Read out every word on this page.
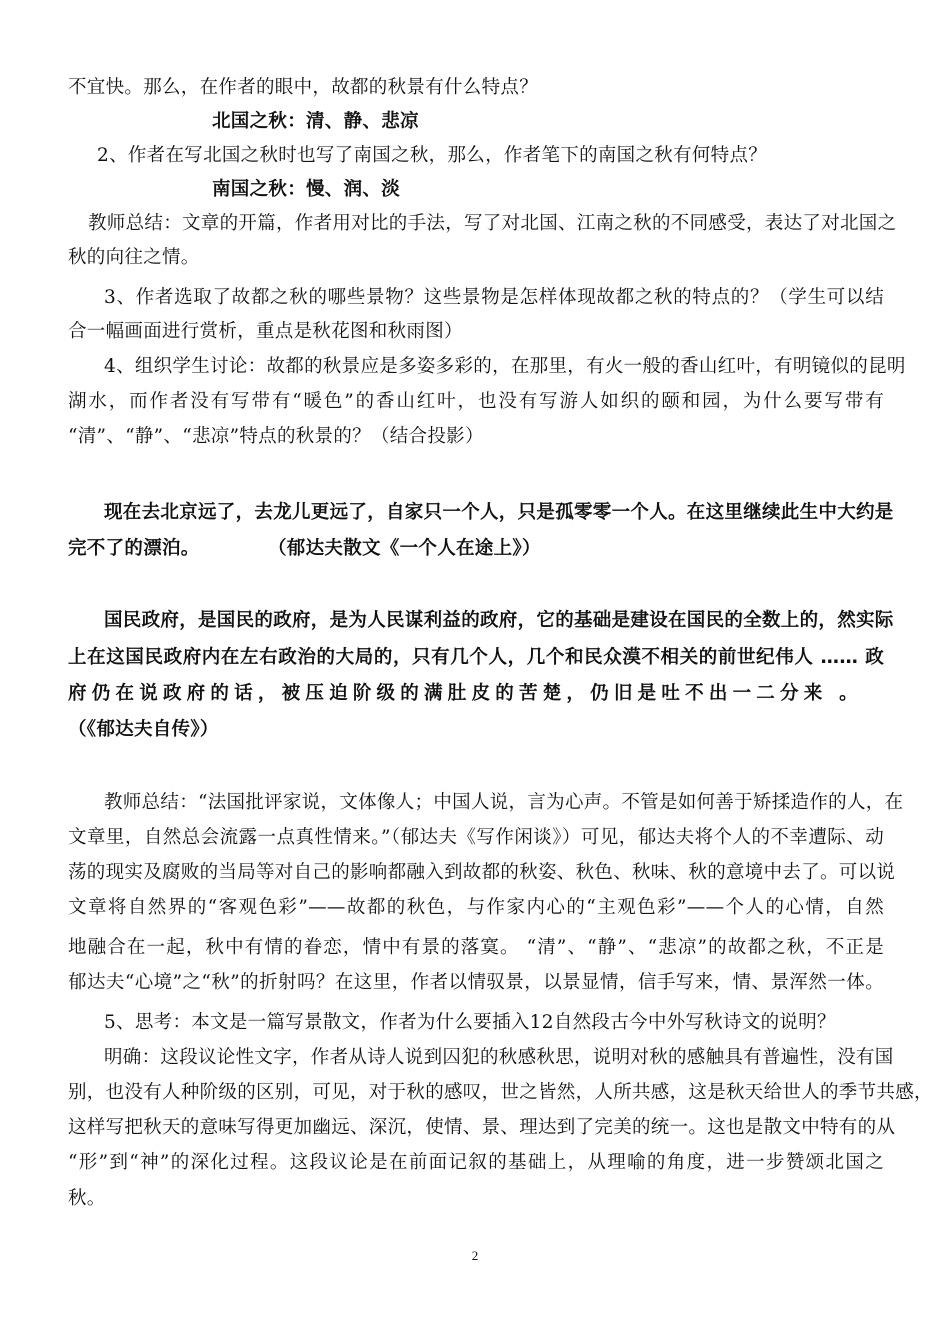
不宜快。那么，在作者的眼中，故都的秋景有什么特点？
北国之秋：清、静、悲凉
2、作者在写北国之秋时也写了南国之秋，那么，作者笔下的南国之秋有何特点？
南国之秋：慢、润、淡
教师总结：文章的开篇，作者用对比的手法，写了对北国、江南之秋的不同感受，表达了对北国之
秋的向往之情。
3、作者选取了故都之秋的哪些景物？这些景物是怎样体现故都之秋的特点的？（学生可以结
合一幅画面进行赏析，重点是秋花图和秋雨图）
4、组织学生讨论：故都的秋景应是多姿多彩的，在那里，有火一般的香山红叶，有明镜似的昆明
湖水，而作者没有写带有“暖色”的香山红叶，也没有写游人如织的颐和园，为什么要写带有
“清”、“静”、“悲凉”特点的秋景的？（结合投影）
现在去北京远了，去龙儿更远了，自家只一个人，只是孤零零一个人。在这里继续此生中大约是
完不了的漂泊。	（郁达夫散文《一个人在途上》）
国民政府，是国民的政府，是为人民谋利益的政府，它的基础是建设在国民的全数上的，然实际
上在这国民政府内在左右政治的大局的，只有几个人，几个和民众漠不相关的前世纪伟人 …… 政
府仍在说政府的话，被压迫阶级的满肚皮的苦楚，仍旧是吐不出一二分来 。
（《郁达夫自传》）
教师总结：“法国批评家说，文体像人；中国人说，言为心声。不管是如何善于矫揉造作的人，在
文章里，自然总会流露一点真性情来。”（郁达夫《写作闲谈》）可见，郁达夫将个人的不幸遭际、动
荡的现实及腐败的当局等对自己的影响都融入到故都的秋姿、秋色、秋味、秋的意境中去了。可以说
文章将自然界的“客观色彩”——故都的秋色，与作家内心的“主观色彩”——个人的心情，自然
地融合在一起，秋中有情的眷恋，情中有景的落寞。 “清”、“静”、“悲凉”的故都之秋，不正是
郁达夫“心境”之“秋”的折射吗？在这里，作者以情驭景，以景显情，信手写来，情、景浑然一体。
5、思考：本文是一篇写景散文，作者为什么要插入12自然段古今中外写秋诗文的说明？
明确：这段议论性文字，作者从诗人说到囚犯的秋感秋思，说明对秋的感触具有普遍性，没有国
别，也没有人种阶级的区别，可见，对于秋的感叹，世之皆然，人所共感，这是秋天给世人的季节共感，
这样写把秋天的意味写得更加幽远、深沉，使情、景、理达到了完美的统一。这也是散文中特有的从
“形”到“神”的深化过程。这段议论是在前面记叙的基础上，从理喻的角度，进一步赞颂北国之
秋。
2
